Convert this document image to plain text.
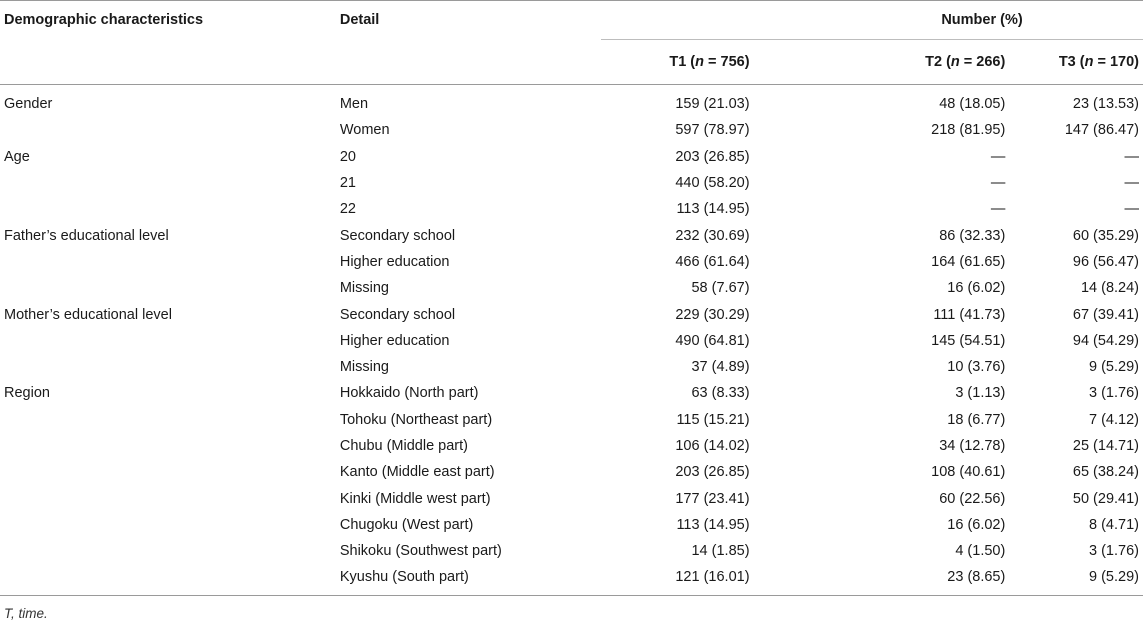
Demographic characteristics	Detail	Number (%)		
		T1 (n = 756)	T2 (n = 266)	T3 (n = 170)
Gender	Men	159 (21.03)	48 (18.05)	23 (13.53)
	Women	597 (78.97)	218 (81.95)	147 (86.47)
Age	20	203 (26.85)	—	—
	21	440 (58.20)	—	—
	22	113 (14.95)	—	—
Father’s educational level	Secondary school	232 (30.69)	86 (32.33)	60 (35.29)
	Higher education	466 (61.64)	164 (61.65)	96 (56.47)
	Missing	58 (7.67)	16 (6.02)	14 (8.24)
Mother’s educational level	Secondary school	229 (30.29)	111 (41.73)	67 (39.41)
	Higher education	490 (64.81)	145 (54.51)	94 (54.29)
	Missing	37 (4.89)	10 (3.76)	9 (5.29)
Region	Hokkaido (North part)	63 (8.33)	3 (1.13)	3 (1.76)
	Tohoku (Northeast part)	115 (15.21)	18 (6.77)	7 (4.12)
	Chubu (Middle part)	106 (14.02)	34 (12.78)	25 (14.71)
	Kanto (Middle east part)	203 (26.85)	108 (40.61)	65 (38.24)
	Kinki (Middle west part)	177 (23.41)	60 (22.56)	50 (29.41)
	Chugoku (West part)	113 (14.95)	16 (6.02)	8 (4.71)
	Shikoku (Southwest part)	14 (1.85)	4 (1.50)	3 (1.76)
	Kyushu (South part)	121 (16.01)	23 (8.65)	9 (5.29)
T, time.
